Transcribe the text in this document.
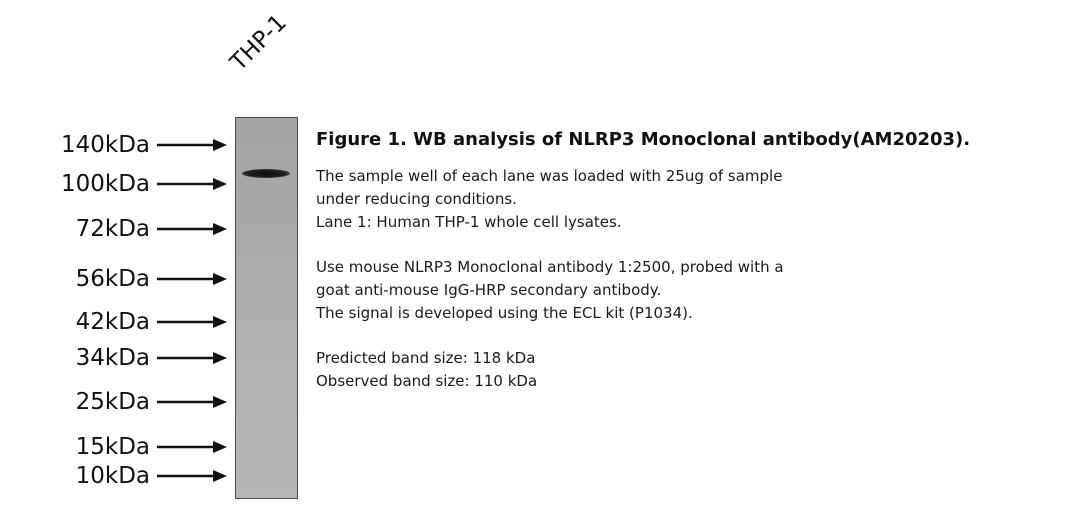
THP-1
140kDa
100kDa
72kDa
56kDa
42kDa
34kDa
25kDa
15kDa
10kDa
Figure 1. WB analysis of NLRP3 Monoclonal antibody(AM20203).
The sample well of each lane was loaded with 25ug of sample
under reducing conditions.
Lane 1: Human THP-1 whole cell lysates.
Use mouse NLRP3 Monoclonal antibody 1:2500, probed with a
goat anti-mouse IgG-HRP secondary antibody.
The signal is developed using the ECL kit (P1034).
Predicted band size: 118 kDa
Observed band size: 110 kDa
